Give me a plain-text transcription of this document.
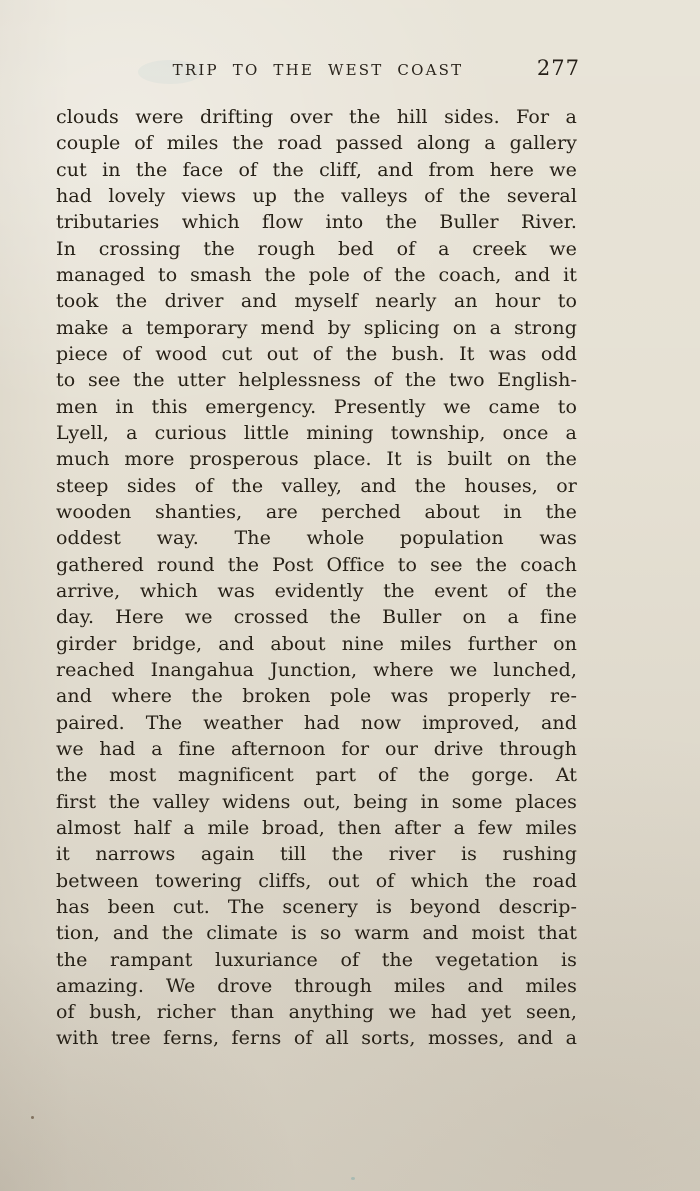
TRIP TO THE WEST COAST	277
clouds were drifting over the hill sides. For a
couple of miles the road passed along a gallery
cut in the face of the cliff, and from here we
had lovely views up the valleys of the several
tributaries which flow into the Buller River.
In crossing the rough bed of a creek we
managed to smash the pole of the coach, and it
took the driver and myself nearly an hour to
make a temporary mend by splicing on a strong
piece of wood cut out of the bush. It was odd
to see the utter helplessness of the two English-
men in this emergency. Presently we came to
Lyell, a curious little mining township, once a
much more prosperous place. It is built on the
steep sides of the valley, and the houses, or
wooden shanties, are perched about in the
oddest way. The whole population was
gathered round the Post Office to see the coach
arrive, which was evidently the event of the
day. Here we crossed the Buller on a fine
girder bridge, and about nine miles further on
reached Inangahua Junction, where we lunched,
and where the broken pole was properly re-
paired. The weather had now improved, and
we had a fine afternoon for our drive through
the most magnificent part of the gorge. At
first the valley widens out, being in some places
almost half a mile broad, then after a few miles
it narrows again till the river is rushing
between towering cliffs, out of which the road
has been cut. The scenery is beyond descrip-
tion, and the climate is so warm and moist that
the rampant luxuriance of the vegetation is
amazing. We drove through miles and miles
of bush, richer than anything we had yet seen,
with tree ferns, ferns of all sorts, mosses, and a
